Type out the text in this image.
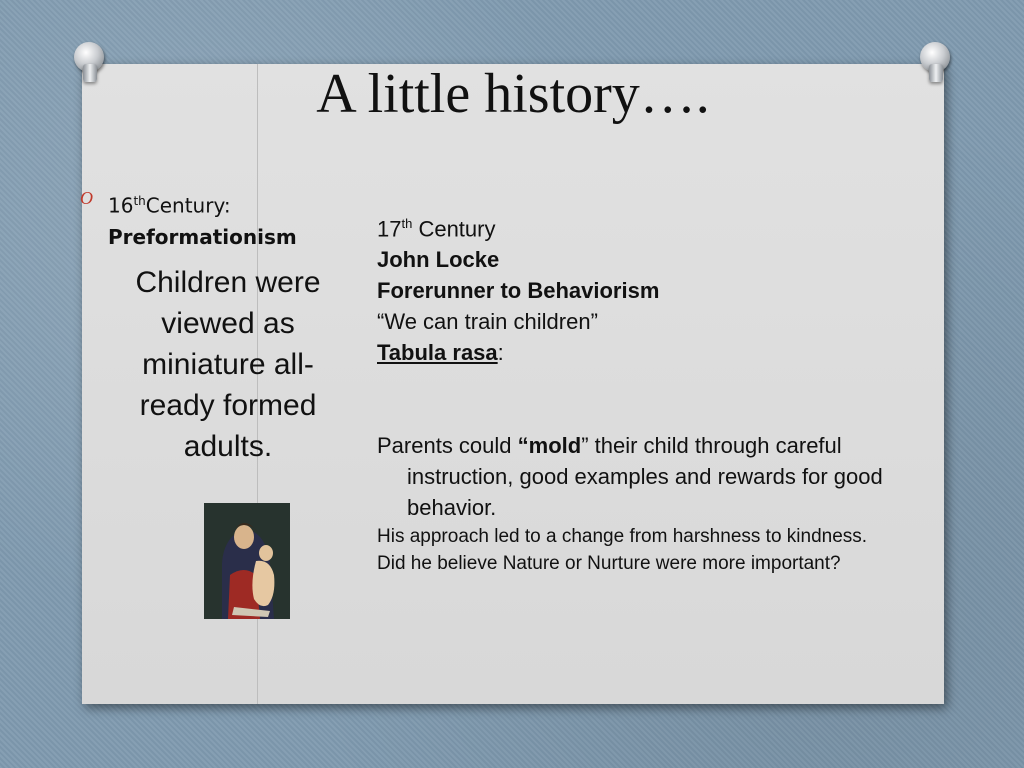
A little history….
O 16thCentury:
Preformationism
Children were viewed as miniature all-ready formed adults.
17th Century
John Locke
Forerunner to Behaviorism
“We can train children”
Tabula rasa:
Parents could “mold” their child through careful instruction, good examples and rewards for good behavior.
His approach led to a change from harshness to kindness.
Did he believe Nature or Nurture were more important?
